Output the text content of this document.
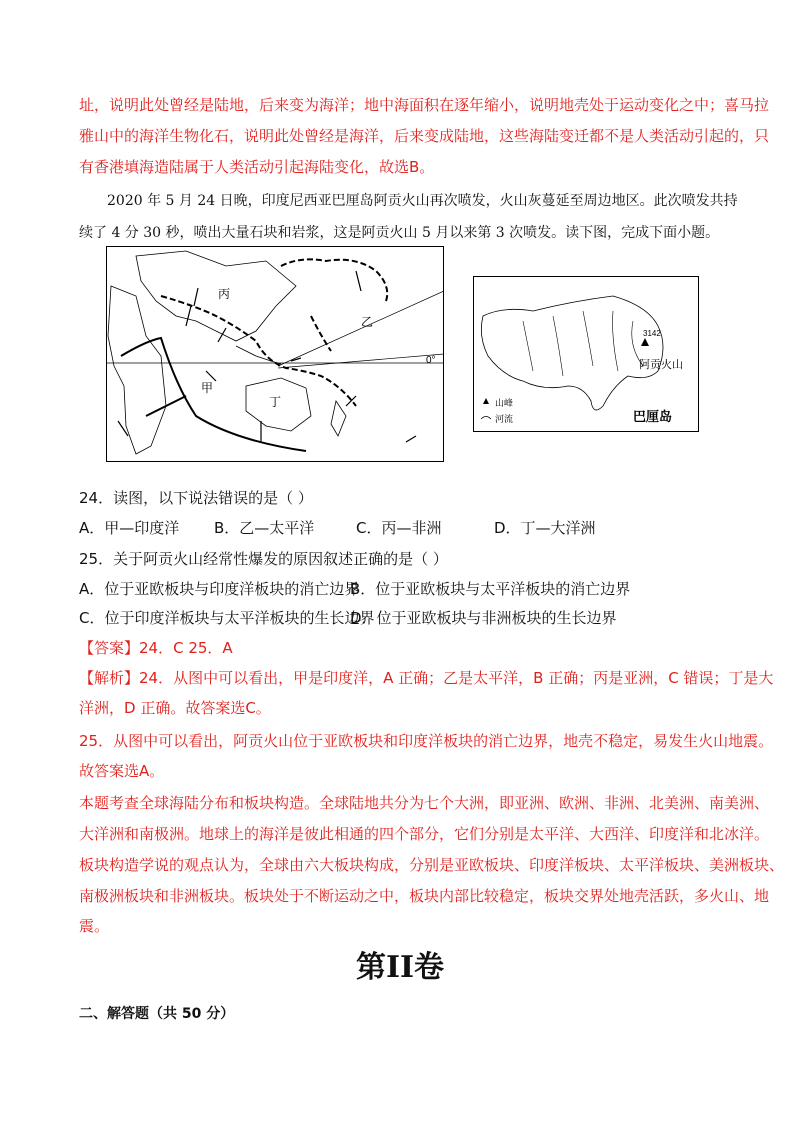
址，说明此处曾经是陆地，后来变为海洋；地中海面积在逐年缩小，说明地壳处于运动变化之中；喜马拉
雅山中的海洋生物化石，说明此处曾经是海洋，后来变成陆地，这些海陆变迁都不是人类活动引起的，只
有香港填海造陆属于人类活动引起海陆变化，故选B。
2020 年 5 月 24 日晚，印度尼西亚巴厘岛阿贡火山再次喷发，火山灰蔓延至周边地区。此次喷发共持
续了 4 分 30 秒，喷出大量石块和岩浆，这是阿贡火山 5 月以来第 3 次喷发。读下图，完成下面小题。
丙
乙
甲
丁
0°
3142
阿贡火山
山峰
河流	巴厘岛
24．读图，以下说法错误的是（ ）
A．甲—印度洋 B．乙—太平洋	C．丙—非洲	D．丁—大洋洲
25．关于阿贡火山经常性爆发的原因叙述正确的是（ ）
A．位于亚欧板块与印度洋板块的消亡边界
B．位于亚欧板块与太平洋板块的消亡边界
C．位于印度洋板块与太平洋板块的生长边界
D．位于亚欧板块与非洲板块的生长边界
【答案】24．C 25．A
【解析】24．从图中可以看出，甲是印度洋，A 正确；乙是太平洋，B 正确；丙是亚洲，C 错误；丁是大
洋洲，D 正确。故答案选C。
25．从图中可以看出，阿贡火山位于亚欧板块和印度洋板块的消亡边界，地壳不稳定，易发生火山地震。
故答案选A。
本题考查全球海陆分布和板块构造。全球陆地共分为七个大洲，即亚洲、欧洲、非洲、北美洲、南美洲、
大洋洲和南极洲。地球上的海洋是彼此相通的四个部分，它们分别是太平洋、大西洋、印度洋和北冰洋。
板块构造学说的观点认为，全球由六大板块构成，分别是亚欧板块、印度洋板块、太平洋板块、美洲板块、
南极洲板块和非洲板块。板块处于不断运动之中，板块内部比较稳定，板块交界处地壳活跃，多火山、地
震。
第II卷
二、解答题（共 50 分）
